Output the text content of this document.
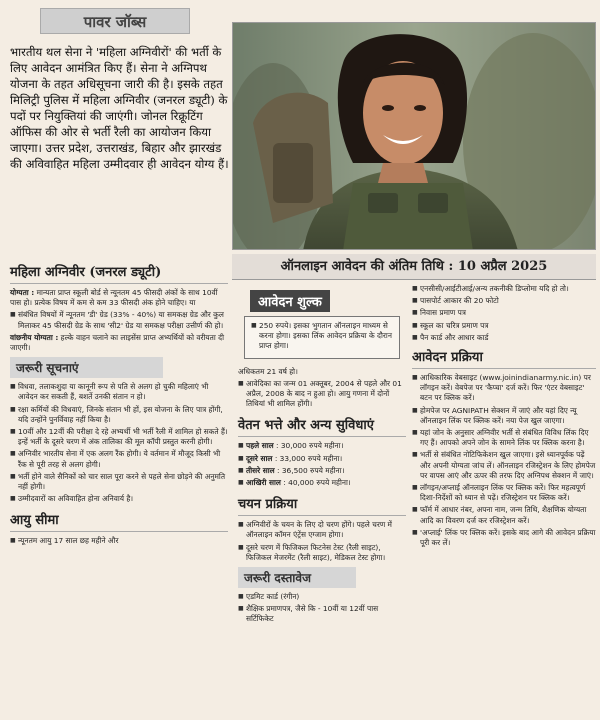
पावर जॉब्स
भारतीय थल सेना ने 'महिला अग्निवीरों' की भर्ती के लिए आवेदन आमंत्रित किए हैं। सेना ने अग्निपथ योजना के तहत अधिसूचना जारी की है। इसके तहत मिलिट्री पुलिस में महिला अग्निवीर (जनरल ड्यूटी) के पदों पर नियुक्तियां की जाएंगी। जोनल रिक्रूटिंग ऑफिस की ओर से भर्ती रैली का आयोजन किया जाएगा। उत्तर प्रदेश, उत्तराखंड, बिहार और झारखंड की अविवाहित महिला उम्मीदवार ही आवेदन योग्य हैं।
ऑनलाइन आवेदन की अंतिम तिथि : 10 अप्रैल 2025
महिला अग्निवीर (जनरल ड्यूटी)
योग्यता : मान्यता प्राप्त स्कूली बोर्ड से न्यूनतम 45 फीसदी अंकों के साथ 10वीं पास हो। प्रत्येक विषय में कम से कम 33 फीसदी अंक होने चाहिए। या
■ संबंधित विषयों में न्यूनतम 'डी' ग्रेड (33% - 40%) या समकक्ष ग्रेड और कुल मिलाकर 45 फीसदी ग्रेड के साथ 'सी2' ग्रेड या समकक्ष परीक्षा उत्तीर्ण की हो।
वांछनीय योग्यता : हल्के वाहन चलाने का लाइसेंस प्राप्त अभ्यर्थियों को वरीयता दी जाएगी।
जरूरी सूचनाएं
■ विधवा, तलाकशुदा या कानूनी रूप से पति से अलग हो चुकी महिलाएं भी आवेदन कर सकती हैं, बशर्ते उनकी संतान न हो।
■ रक्षा कर्मियों की विधवाएं, जिनके संतान भी हों, इस योजना के लिए पात्र होंगी, यदि उन्होंने पुनर्विवाह नहीं किया है।
■ 10वीं और 12वीं की परीक्षा दे रहे अभ्यर्थी भी भर्ती रैली में शामिल हो सकते हैं। इन्हें भर्ती के दूसरे चरण में अंक तालिका की मूल कॉपी प्रस्तुत करनी होगी।
■ अग्निवीर भारतीय सेना में एक अलग रैंक होगी। ये वर्तमान में मौजूद किसी भी रैंक से पूरी तरह से अलग होगी।
■ भर्ती होने वाले सैनिकों को चार साल पूरा करने से पहले सेना छोड़ने की अनुमति नहीं होगी।
■ उम्मीदवारों का अविवाहित होना अनिवार्य है।
आयु सीमा
■ न्यूनतम आयु 17 साल छह महीने और
आवेदन शुल्क
■ 250 रुपये। इसका भुगतान ऑनलाइन माध्यम से करना होगा। इसका लिंक आवेदन प्रक्रिया के दौरान प्राप्त होगा।
अधिकतम 21 वर्ष हो।
■ आवेदिका का जन्म 01 अक्तूबर, 2004 से पहले और 01 अप्रैल, 2008 के बाद न हुआ हो। आयु गणना में दोनों तिथियां भी शामिल होंगी।
वेतन भत्ते और अन्य सुविधाएं
■ पहले साल : 30,000 रुपये महीना।
■ दूसरे साल : 33,000 रुपये महीना।
■ तीसरे साल : 36,500 रुपये महीना।
■ आखिरी साल : 40,000 रुपये महीना।
चयन प्रक्रिया
■ अग्निवीरों के चयन के लिए दो चरण होंगे। पहले चरण में ऑनलाइन कॉमन एंट्रेंस एग्जाम होगा।
■ दूसरे चरण में फिजिकल फिटनेस टेस्ट (रैली साइट), फिजिकल मेजरमेंट (रैली साइट), मेडिकल टेस्ट होगा।
जरूरी दस्तावेज
■ एडमिट कार्ड (रंगीन)
■ शैक्षिक प्रमाणपत्र, जैसे कि - 10वीं या 12वीं पास सर्टिफिकेट
■ एनसीसी/आईटीआई/अन्य तकनीकी डिप्लोमा यदि हो तो।
■ पासपोर्ट आकार की 20 फोटो
■ निवास प्रमाण पत्र
■ स्कूल का चरित्र प्रमाण पत्र
■ पैन कार्ड और आधार कार्ड
आवेदन प्रक्रिया
■ आधिकारिक वेबसाइट (www.joinindianarmy.nic.in) पर लॉगइन करें। वेबपेज पर 'कैप्चा' दर्ज करें। फिर 'एंटर वेबसाइट' बटन पर क्लिक करें।
■ होमपेज पर AGNIPATH सेक्शन में जाएं और यहां दिए न्यू ऑनलाइन लिंक पर क्लिक करें। नया पेज खुल जाएगा।
■ यहां जोन के अनुसार अग्निवीर भर्ती से संबंधित विविध लिंक दिए गए हैं। आपको अपने जोन के सामने लिंक पर क्लिक करना है।
■ भर्ती से संबंधित नोटिफिकेशन खुल जाएगा। इसे ध्यानपूर्वक पढ़ें और अपनी योग्यता जांच लें। ऑनलाइन रजिस्ट्रेशन के लिए होमपेज पर वापस आएं और ऊपर की तरफ दिए अग्निपथ सेक्शन में जाएं।
■ लॉगइन/अप्लाई ऑनलाइन लिंक पर क्लिक करें। फिर महत्वपूर्ण दिशा-निर्देशों को ध्यान से पढ़ें। रजिस्ट्रेशन पर क्लिक करें।
■ फॉर्म में आधार नंबर, अपना नाम, जन्म तिथि, शैक्षणिक योग्यता आदि का विवरण दर्ज कर रजिस्ट्रेशन करें।
■ 'अप्लाई' लिंक पर क्लिक करें। इसके बाद आगे की आवेदन प्रक्रिया पूरी कर लें।
